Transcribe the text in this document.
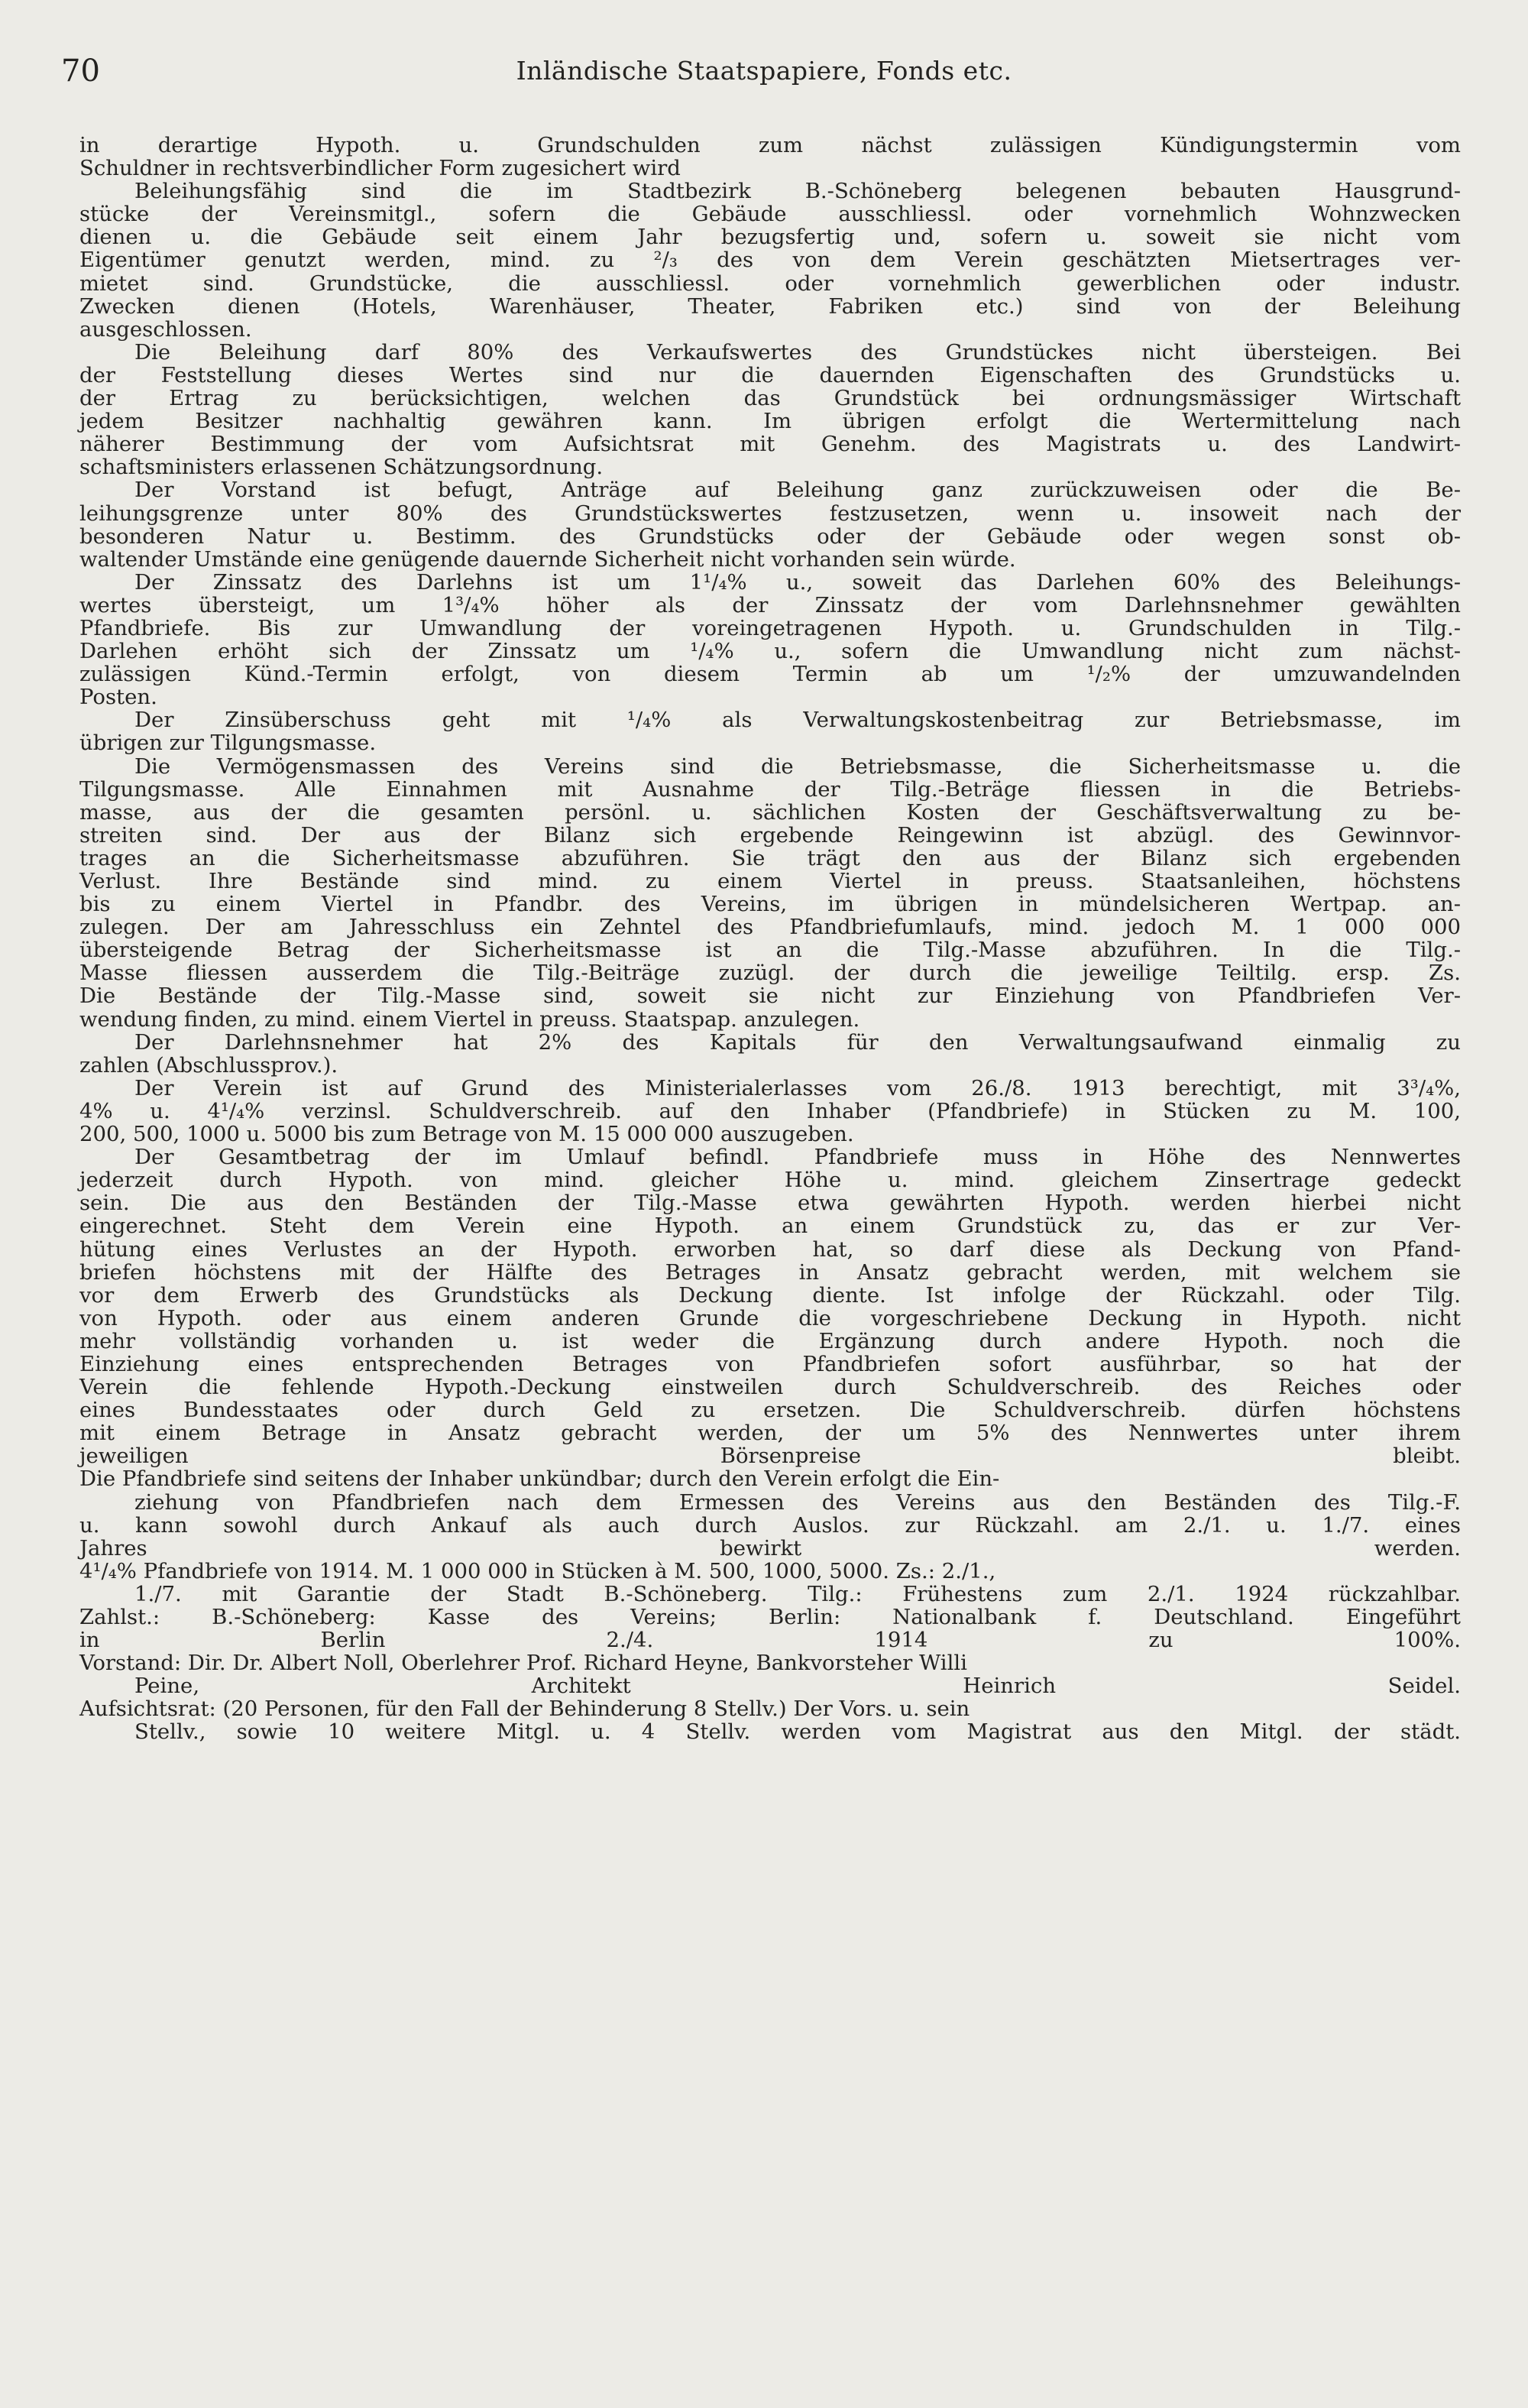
70	Inländische Staatspapiere, Fonds etc.
in derartige Hypoth. u. Grundschulden zum nächst zulässigen Kündigungstermin vom
Schuldner in rechtsverbindlicher Form zugesichert wird
Beleihungsfähig sind die im Stadtbezirk B.-Schöneberg belegenen bebauten Hausgrund-
stücke der Vereinsmitgl., sofern die Gebäude ausschliessl. oder vornehmlich Wohnzwecken
dienen u. die Gebäude seit einem Jahr bezugsfertig und, sofern u. soweit sie nicht vom
Eigentümer genutzt werden, mind. zu ²/₃ des von dem Verein geschätzten Mietsertrages ver-
mietet sind. Grundstücke, die ausschliessl. oder vornehmlich gewerblichen oder industr.
Zwecken dienen (Hotels, Warenhäuser, Theater, Fabriken etc.) sind von der Beleihung
ausgeschlossen.
Die Beleihung darf 80% des Verkaufswertes des Grundstückes nicht übersteigen. Bei
der Feststellung dieses Wertes sind nur die dauernden Eigenschaften des Grundstücks u.
der Ertrag zu berücksichtigen, welchen das Grundstück bei ordnungsmässiger Wirtschaft
jedem Besitzer nachhaltig gewähren kann. Im übrigen erfolgt die Wertermittelung nach
näherer Bestimmung der vom Aufsichtsrat mit Genehm. des Magistrats u. des Landwirt-
schaftsministers erlassenen Schätzungsordnung.
Der Vorstand ist befugt, Anträge auf Beleihung ganz zurückzuweisen oder die Be-
leihungsgrenze unter 80% des Grundstückswertes festzusetzen, wenn u. insoweit nach der
besonderen Natur u. Bestimm. des Grundstücks oder der Gebäude oder wegen sonst ob-
waltender Umstände eine genügende dauernde Sicherheit nicht vorhanden sein würde.
Der Zinssatz des Darlehns ist um 1¹/₄% u., soweit das Darlehen 60% des Beleihungs-
wertes übersteigt, um 1³/₄% höher als der Zinssatz der vom Darlehnsnehmer gewählten
Pfandbriefe. Bis zur Umwandlung der voreingetragenen Hypoth. u. Grundschulden in Tilg.-
Darlehen erhöht sich der Zinssatz um ¹/₄% u., sofern die Umwandlung nicht zum nächst-
zulässigen Künd.-Termin erfolgt, von diesem Termin ab um ¹/₂% der umzuwandelnden
Posten.
Der Zinsüberschuss geht mit ¹/₄% als Verwaltungskostenbeitrag zur Betriebsmasse, im
übrigen zur Tilgungsmasse.
Die Vermögensmassen des Vereins sind die Betriebsmasse, die Sicherheitsmasse u. die
Tilgungsmasse. Alle Einnahmen mit Ausnahme der Tilg.-Beträge fliessen in die Betriebs-
masse, aus der die gesamten persönl. u. sächlichen Kosten der Geschäftsverwaltung zu be-
streiten sind. Der aus der Bilanz sich ergebende Reingewinn ist abzügl. des Gewinnvor-
trages an die Sicherheitsmasse abzuführen. Sie trägt den aus der Bilanz sich ergebenden
Verlust. Ihre Bestände sind mind. zu einem Viertel in preuss. Staatsanleihen, höchstens
bis zu einem Viertel in Pfandbr. des Vereins, im übrigen in mündelsicheren Wertpap. an-
zulegen. Der am Jahresschluss ein Zehntel des Pfandbriefumlaufs, mind. jedoch M. 1 000 000
übersteigende Betrag der Sicherheitsmasse ist an die Tilg.-Masse abzuführen. In die Tilg.-
Masse fliessen ausserdem die Tilg.-Beiträge zuzügl. der durch die jeweilige Teiltilg. ersp. Zs.
Die Bestände der Tilg.-Masse sind, soweit sie nicht zur Einziehung von Pfandbriefen Ver-
wendung finden, zu mind. einem Viertel in preuss. Staatspap. anzulegen.
Der Darlehnsnehmer hat 2% des Kapitals für den Verwaltungsaufwand einmalig zu
zahlen (Abschlussprov.).
Der Verein ist auf Grund des Ministerialerlasses vom 26./8. 1913 berechtigt, mit 3³/₄%,
4% u. 4¹/₄% verzinsl. Schuldverschreib. auf den Inhaber (Pfandbriefe) in Stücken zu M. 100,
200, 500, 1000 u. 5000 bis zum Betrage von M. 15 000 000 auszugeben.
Der Gesamtbetrag der im Umlauf befindl. Pfandbriefe muss in Höhe des Nennwertes
jederzeit durch Hypoth. von mind. gleicher Höhe u. mind. gleichem Zinsertrage gedeckt
sein. Die aus den Beständen der Tilg.-Masse etwa gewährten Hypoth. werden hierbei nicht
eingerechnet. Steht dem Verein eine Hypoth. an einem Grundstück zu, das er zur Ver-
hütung eines Verlustes an der Hypoth. erworben hat, so darf diese als Deckung von Pfand-
briefen höchstens mit der Hälfte des Betrages in Ansatz gebracht werden, mit welchem sie
vor dem Erwerb des Grundstücks als Deckung diente. Ist infolge der Rückzahl. oder Tilg.
von Hypoth. oder aus einem anderen Grunde die vorgeschriebene Deckung in Hypoth. nicht
mehr vollständig vorhanden u. ist weder die Ergänzung durch andere Hypoth. noch die
Einziehung eines entsprechenden Betrages von Pfandbriefen sofort ausführbar, so hat der
Verein die fehlende Hypoth.-Deckung einstweilen durch Schuldverschreib. des Reiches oder
eines Bundesstaates oder durch Geld zu ersetzen. Die Schuldverschreib. dürfen höchstens
mit einem Betrage in Ansatz gebracht werden, der um 5% des Nennwertes unter ihrem
jeweiligen Börsenpreise bleibt.
Die Pfandbriefe sind seitens der Inhaber unkündbar; durch den Verein erfolgt die Ein-
ziehung von Pfandbriefen nach dem Ermessen des Vereins aus den Beständen des Tilg.-F.
u. kann sowohl durch Ankauf als auch durch Auslos. zur Rückzahl. am 2./1. u. 1./7. eines
Jahres bewirkt werden.
4¹/₄% Pfandbriefe von 1914. M. 1 000 000 in Stücken à M. 500, 1000, 5000. Zs.: 2./1.,
1./7. mit Garantie der Stadt B.-Schöneberg. Tilg.: Frühestens zum 2./1. 1924 rückzahlbar.
Zahlst.: B.-Schöneberg: Kasse des Vereins; Berlin: Nationalbank f. Deutschland. Eingeführt
in Berlin 2./4. 1914 zu 100%.
Vorstand: Dir. Dr. Albert Noll, Oberlehrer Prof. Richard Heyne, Bankvorsteher Willi
Peine, Architekt Heinrich Seidel.
Aufsichtsrat: (20 Personen, für den Fall der Behinderung 8 Stellv.) Der Vors. u. sein
Stellv., sowie 10 weitere Mitgl. u. 4 Stellv. werden vom Magistrat aus den Mitgl. der städt.
